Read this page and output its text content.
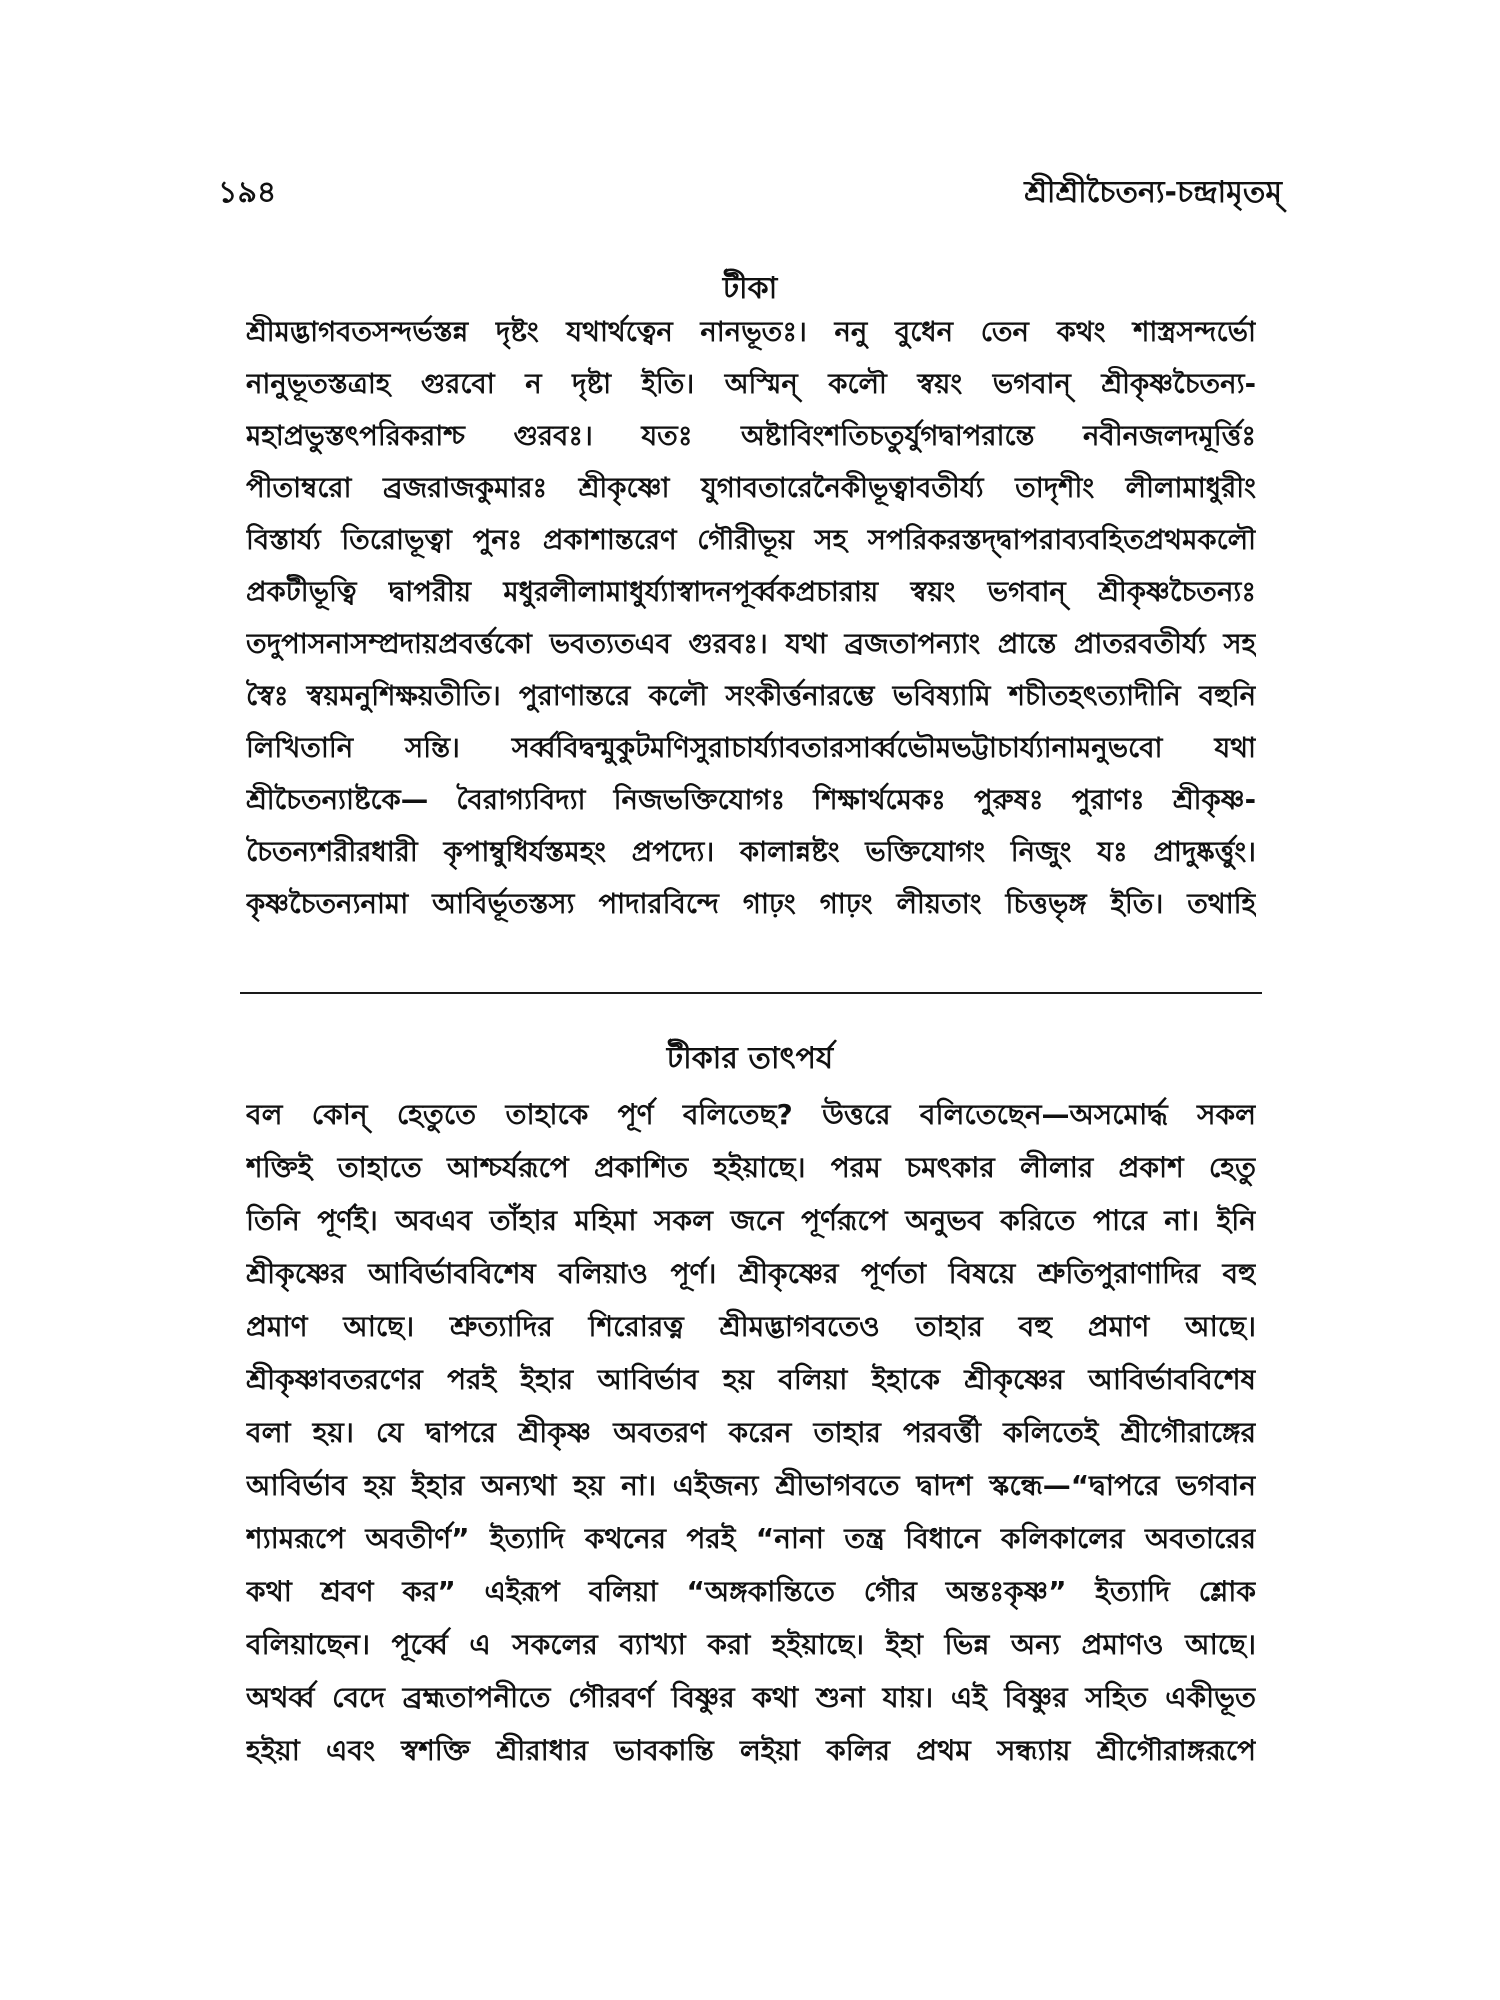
১৯৪	শ্রীশ্রীচৈতন্য-চন্দ্রামৃতম্
টীকা
শ্রীমদ্ভাগবতসন্দর্ভস্তন্ন দৃষ্টং যথার্থত্বেন নানভূতঃ। ননু বুধেন তেন কথং শাস্ত্রসন্দর্ভো
নানুভূতস্তত্রাহ গুরবো ন দৃষ্টা ইতি। অস্মিন্ কলৌ স্বয়ং ভগবান্ শ্রীকৃষ্ণচৈতন্য-
মহাপ্রভুস্তৎপরিকরাশ্চ গুরবঃ। যতঃ অষ্টাবিংশতিচতুর্যুগদ্বাপরান্তে নবীনজলদমূর্ত্তিঃ
পীতাম্বরো ব্রজরাজকুমারঃ শ্রীকৃষ্ণো যুগাবতারেনৈকীভূত্বাবতীর্য্য তাদৃশীং লীলামাধুরীং
বিস্তার্য্য তিরোভূত্বা পুনঃ প্রকাশান্তরেণ গৌরীভূয় সহ সপরিকরস্তদ্দ্বাপরাব্যবহিতপ্রথমকলৌ
প্রকটীভূত্বি দ্বাপরীয় মধুরলীলামাধুর্য্যাস্বাদনপূর্ব্বকপ্রচারায় স্বয়ং ভগবান্ শ্রীকৃষ্ণচৈতন্যঃ
তদুপাসনাসম্প্রদায়প্রবর্ত্তকো ভবত্যতএব গুরবঃ। যথা ব্রজতাপন্যাং প্রান্তে প্রাতরবতীর্য্য সহ
স্বৈঃ স্বয়মনুশিক্ষয়তীতি। পুরাণান্তরে কলৌ সংকীর্ত্তনারম্ভে ভবিষ্যামি শচীতহৎত্যাদীনি বহুনি
লিখিতানি সন্তি। সর্ব্ববিদ্বন্মুকুটমণিসুরাচার্য্যাবতারসার্ব্বভৌমভট্টাচার্য্যানামনুভবো যথা
শ্রীচৈতন্যাষ্টকে— বৈরাগ্যবিদ্যা নিজভক্তিযোগঃ শিক্ষার্থমেকঃ পুরুষঃ পুরাণঃ শ্রীকৃষ্ণ-
চৈতন্যশরীরধারী কৃপাম্বুধির্যস্তমহং প্রপদ্যে। কালান্নষ্টং ভক্তিযোগং নিজুং যঃ প্রাদুষ্কর্ত্তুং।
কৃষ্ণচৈতন্যনামা আবির্ভূতস্তস্য পাদারবিন্দে গাঢ়ং গাঢ়ং লীয়তাং চিত্তভৃঙ্গ ইতি। তথাহি
টীকার তাৎপর্য
বল কোন্ হেতুতে তাহাকে পূর্ণ বলিতেছ? উত্তরে বলিতেছেন—অসমোর্দ্ধ সকল
শক্তিই তাহাতে আশ্চর্যরূপে প্রকাশিত হইয়াছে। পরম চমৎকার লীলার প্রকাশ হেতু
তিনি পূর্ণই। অবএব তাঁহার মহিমা সকল জনে পূর্ণরূপে অনুভব করিতে পারে না। ইনি
শ্রীকৃষ্ণের আবির্ভাববিশেষ বলিয়াও পূর্ণ। শ্রীকৃষ্ণের পূর্ণতা বিষয়ে শ্রুতিপুরাণাদির বহু
প্রমাণ আছে। শ্রুত্যাদির শিরোরত্ন শ্রীমদ্ভাগবতেও তাহার বহু প্রমাণ আছে।
শ্রীকৃষ্ণাবতরণের পরই ইহার আবির্ভাব হয় বলিয়া ইহাকে শ্রীকৃষ্ণের আবির্ভাববিশেষ
বলা হয়। যে দ্বাপরে শ্রীকৃষ্ণ অবতরণ করেন তাহার পরবর্ত্তী কলিতেই শ্রীগৌরাঙ্গের
আবির্ভাব হয় ইহার অন্যথা হয় না। এইজন্য শ্রীভাগবতে দ্বাদশ স্কন্ধে—“দ্বাপরে ভগবান
শ্যামরূপে অবতীর্ণ” ইত্যাদি কথনের পরই “নানা তন্ত্র বিধানে কলিকালের অবতারের
কথা শ্রবণ কর” এইরূপ বলিয়া “অঙ্গকান্তিতে গৌর অন্তঃকৃষ্ণ” ইত্যাদি শ্লোক
বলিয়াছেন। পূর্ব্বে এ সকলের ব্যাখ্যা করা হইয়াছে। ইহা ভিন্ন অন্য প্রমাণও আছে।
অথর্ব্ব বেদে ব্রহ্মতাপনীতে গৌরবর্ণ বিষ্ণুর কথা শুনা যায়। এই বিষ্ণুর সহিত একীভূত
হইয়া এবং স্বশক্তি শ্রীরাধার ভাবকান্তি লইয়া কলির প্রথম সন্ধ্যায় শ্রীগৌরাঙ্গরূপে
